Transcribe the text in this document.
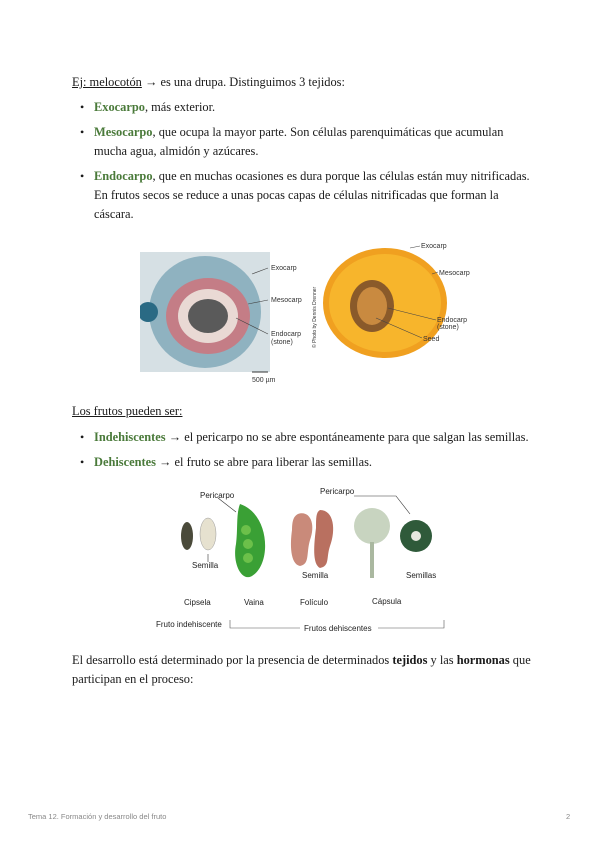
Ej: melocotón → es una drupa. Distinguimos 3 tejidos:
• Exocarpo, más exterior.
• Mesocarpo, que ocupa la mayor parte. Son células parenquimáticas que acumulan mucha agua, almidón y azúcares.
• Endocarpo, que en muchas ocasiones es dura porque las células están muy nitrificadas. En frutos secos se reduce a unas pocas capas de células nitrificadas que forman la cáscara.
Exocarp
Mesocarp
Endocarp
(stone)
500 µm
© Photo by Dennis Drenner
Exocarp
Mesocarp
Endocarp
(stone)
Seed
Los frutos pueden ser:
• Indehiscentes → el pericarpo no se abre espontáneamente para que salgan las semillas.
• Dehiscentes → el fruto se abre para liberar las semillas.
Pericarpo
Semilla
Pericarpo
Semilla	Semillas
Cipsela	Vaina	Folículo	Cápsula
Fruto indehiscente	Frutos dehiscentes
El desarrollo está determinado por la presencia de determinados tejidos y las hormonas que participan en el proceso:
Tema 12. Formación y desarrollo del fruto	2
